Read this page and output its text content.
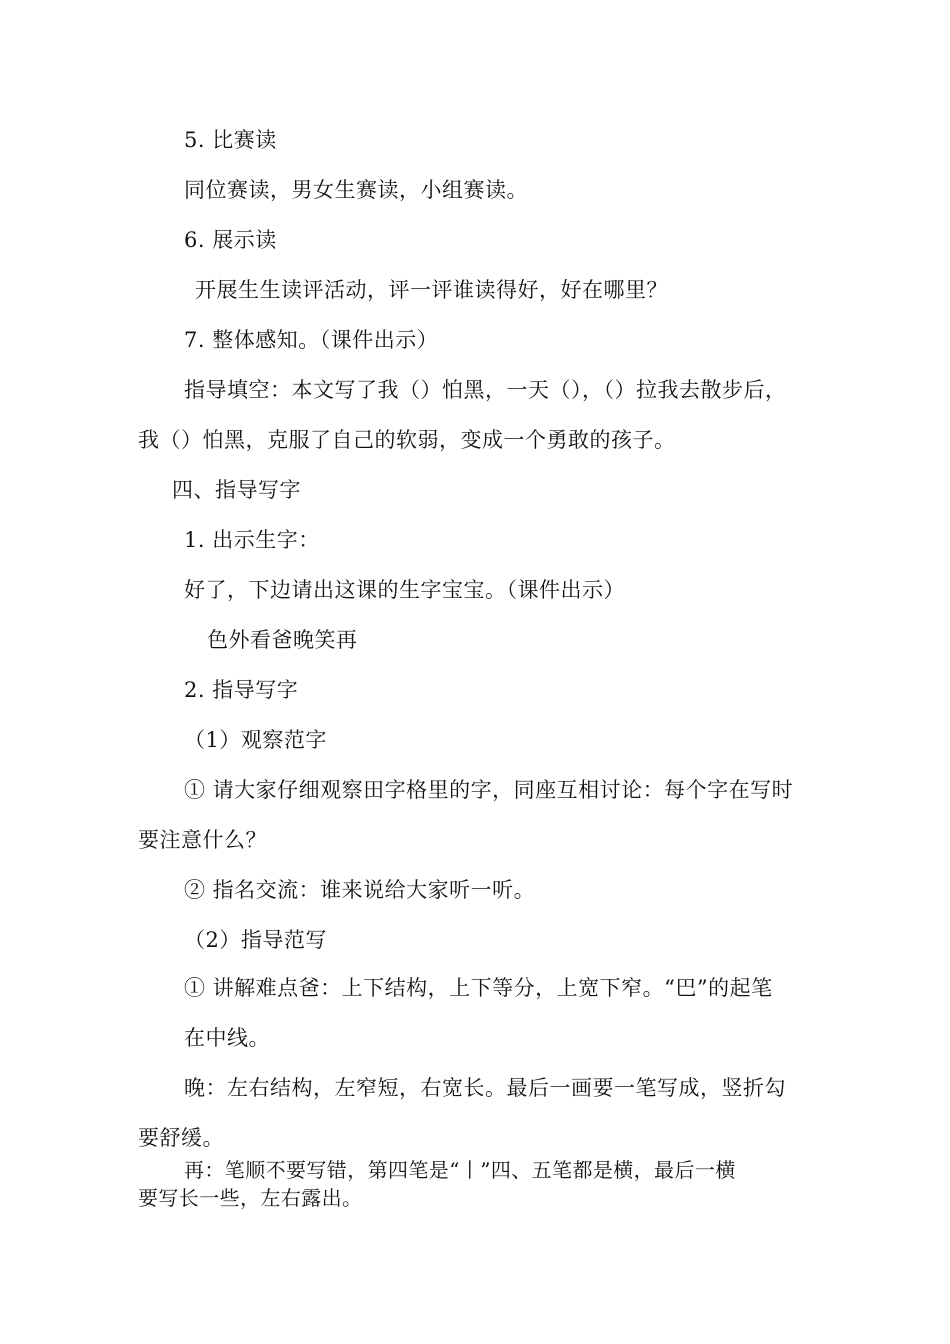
5. 比赛读
同位赛读，男女生赛读，小组赛读。
6. 展示读
开展生生读评活动，评一评谁读得好，好在哪里？
7. 整体感知。（课件出示）
指导填空：本文写了我（）怕黑，一天（），（）拉我去散步后，
我（）怕黑，克服了自己的软弱，变成一个勇敢的孩子。
四、指导写字
1. 出示生字：
好了，下边请出这课的生字宝宝。（课件出示）
色外看爸晚笑再
2. 指导写字
（1）观察范字
① 请大家仔细观察田字格里的字，同座互相讨论：每个字在写时
要注意什么？
② 指名交流：谁来说给大家听一听。
（2）指导范写
① 讲解难点爸：上下结构，上下等分，上宽下窄。“巴”的起笔
在中线。
晚：左右结构，左窄短，右宽长。最后一画要一笔写成，竖折勾
要舒缓。
再：笔顺不要写错，第四笔是“丨”四、五笔都是横，最后一横
要写长一些，左右露出。
